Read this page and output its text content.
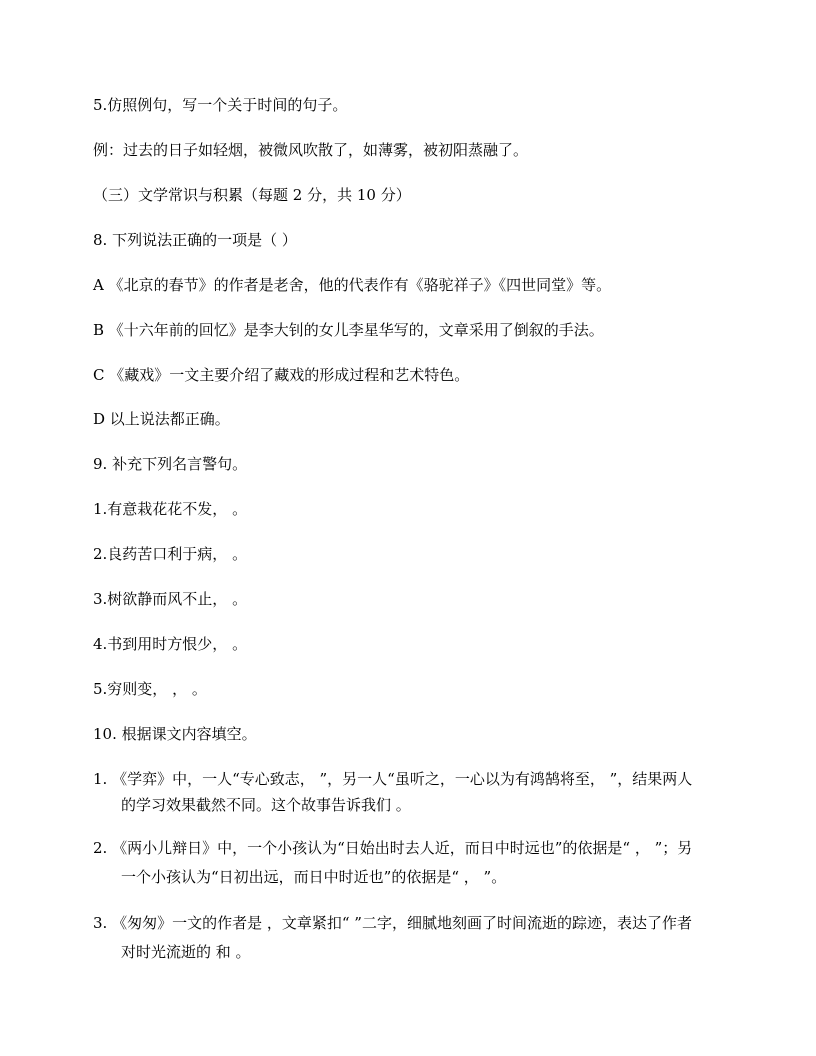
5.仿照例句，写一个关于时间的句子。
例：过去的日子如轻烟，被微风吹散了，如薄雾，被初阳蒸融了。
（三）文学常识与积累（每题 2 分，共 10 分）
8. 下列说法正确的一项是（ ）
A 《北京的春节》的作者是老舍，他的代表作有《骆驼祥子》《四世同堂》等。
B 《十六年前的回忆》是李大钊的女儿李星华写的，文章采用了倒叙的手法。
C 《藏戏》一文主要介绍了藏戏的形成过程和艺术特色。
D 以上说法都正确。
9. 补充下列名言警句。
1.有意栽花花不发， 。
2.良药苦口利于病， 。
3.树欲静而风不止， 。
4.书到用时方恨少， 。
5.穷则变， ， 。
10. 根据课文内容填空。
1. 《学弈》中，一人“专心致志， ”，另一人“虽听之，一心以为有鸿鹄将至， ”，结果两人
的学习效果截然不同。这个故事告诉我们 。
2. 《两小儿辩日》中，一个小孩认为“日始出时去人近，而日中时远也”的依据是“ ， ”；另
一个小孩认为“日初出远，而日中时近也”的依据是“ ， ”。
3. 《匆匆》一文的作者是 ，文章紧扣“ ”二字，细腻地刻画了时间流逝的踪迹，表达了作者
对时光流逝的 和 。
